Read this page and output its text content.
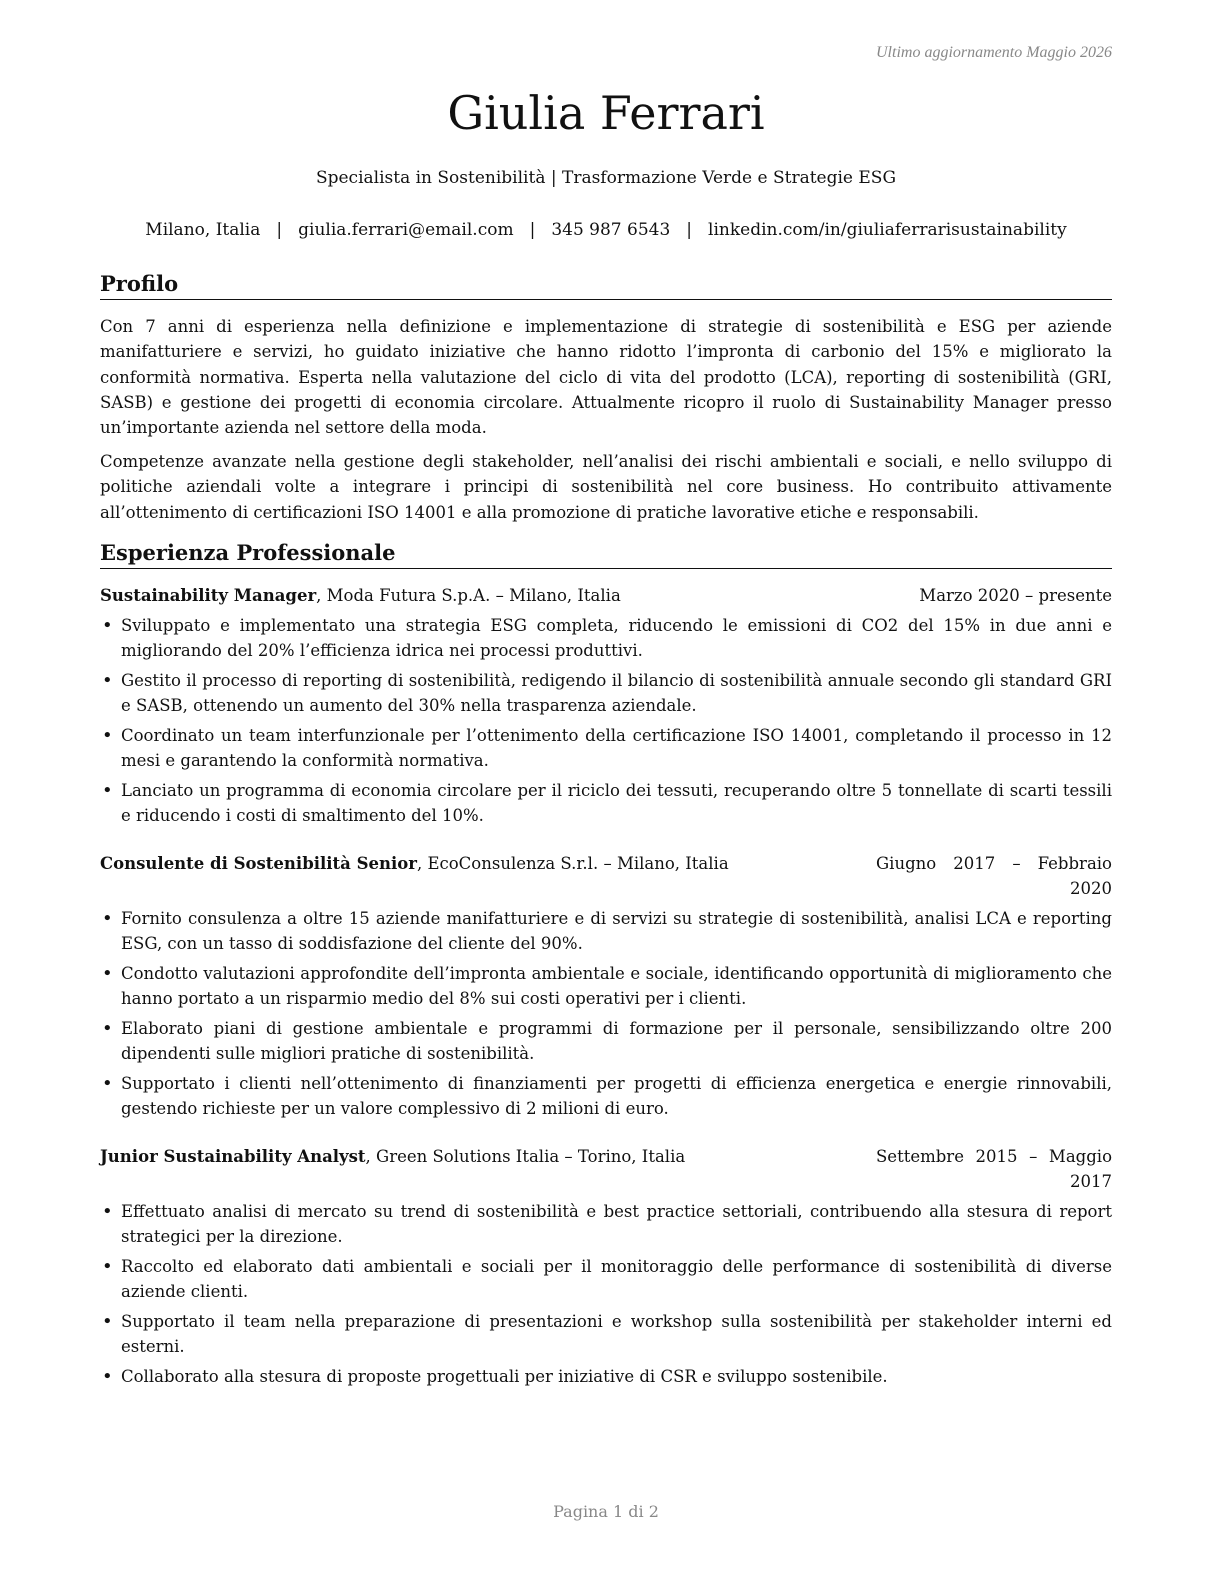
Ultimo aggiornamento Maggio 2026
Giulia Ferrari
Specialista in Sostenibilità | Trasformazione Verde e Strategie ESG
Milano, Italia | giulia.ferrari@email.com | 345 987 6543 | linkedin.com/in/giuliaferrarisustainability
Profilo

Con 7 anni di esperienza nella definizione e implementazione di strategie di sostenibilità e ESG per aziende manifatturiere e servizi, ho guidato iniziative che hanno ridotto l’impronta di carbonio del 15% e migliorato la conformità normativa. Esperta nella valutazione del ciclo di vita del prodotto (LCA), reporting di sostenibilità (GRI, SASB) e gestione dei progetti di economia circolare. Attualmente ricopro il ruolo di Sustainability Manager presso un’importante azienda nel settore della moda.

Competenze avanzate nella gestione degli stakeholder, nell’analisi dei rischi ambientali e sociali, e nello sviluppo di politiche aziendali volte a integrare i principi di sostenibilità nel core business. Ho contribuito attivamente all’ottenimento di certificazioni ISO 14001 e alla promozione di pratiche lavorative etiche e responsabili.

Esperienza Professionale
Sustainability Manager, Moda Futura S.p.A. – Milano, Italia	Marzo 2020 – presente
• Sviluppato e implementato una strategia ESG completa, riducendo le emissioni di CO2 del 15% in due anni e migliorando del 20% l’efficienza idrica nei processi produttivi.
• Gestito il processo di reporting di sostenibilità, redigendo il bilancio di sostenibilità annuale secondo gli standard GRI e SASB, ottenendo un aumento del 30% nella trasparenza aziendale.
• Coordinato un team interfunzionale per l’ottenimento della certificazione ISO 14001, completando il processo in 12 mesi e garantendo la conformità normativa.
• Lanciato un programma di economia circolare per il riciclo dei tessuti, recuperando oltre 5 tonnellate di scarti tessili e riducendo i costi di smaltimento del 10%.
Consulente di Sostenibilità Senior, EcoConsulenza S.r.l. – Milano, Italia	Giugno 2017 – Febbraio 2020
• Fornito consulenza a oltre 15 aziende manifatturiere e di servizi su strategie di sostenibilità, analisi LCA e reporting ESG, con un tasso di soddisfazione del cliente del 90%.
• Condotto valutazioni approfondite dell’impronta ambientale e sociale, identificando opportunità di miglioramento che hanno portato a un risparmio medio del 8% sui costi operativi per i clienti.
• Elaborato piani di gestione ambientale e programmi di formazione per il personale, sensibilizzando oltre 200 dipendenti sulle migliori pratiche di sostenibilità.
• Supportato i clienti nell’ottenimento di finanziamenti per progetti di efficienza energetica e energie rinnovabili, gestendo richieste per un valore complessivo di 2 milioni di euro.
Junior Sustainability Analyst, Green Solutions Italia – Torino, Italia	Settembre 2015 – Maggio 2017
• Effettuato analisi di mercato su trend di sostenibilità e best practice settoriali, contribuendo alla stesura di report strategici per la direzione.
• Raccolto ed elaborato dati ambientali e sociali per il monitoraggio delle performance di sostenibilità di diverse aziende clienti.
• Supportato il team nella preparazione di presentazioni e workshop sulla sostenibilità per stakeholder interni ed esterni.
• Collaborato alla stesura di proposte progettuali per iniziative di CSR e sviluppo sostenibile.
Pagina 1 di 2
